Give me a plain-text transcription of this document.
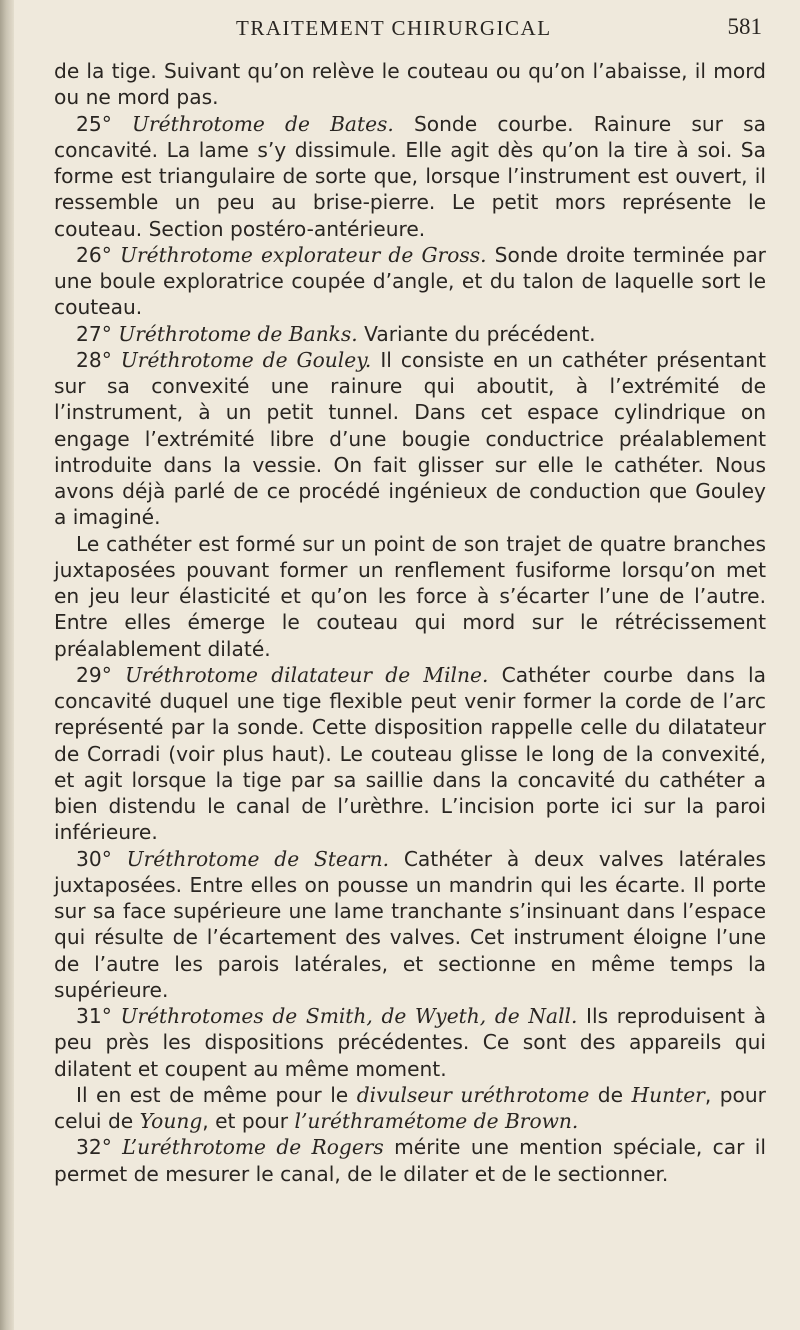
TRAITEMENT CHIRURGICAL	581

de la tige. Suivant qu’on relève le couteau ou qu’on l’abaisse, il mord ou ne mord pas.

25° Uréthrotome de Bates. Sonde courbe. Rainure sur sa concavité. La lame s’y dissimule. Elle agit dès qu’on la tire à soi. Sa forme est triangulaire de sorte que, lorsque l’instrument est ouvert, il ressemble un peu au brise-pierre. Le petit mors représente le couteau. Section postéro-antérieure.

26° Uréthrotome explorateur de Gross. Sonde droite terminée par une boule exploratrice coupée d’angle, et du talon de laquelle sort le couteau.

27° Uréthrotome de Banks. Variante du précédent.

28° Uréthrotome de Gouley. Il consiste en un cathéter présentant sur sa convexité une rainure qui aboutit, à l’extrémité de l’instrument, à un petit tunnel. Dans cet espace cylindrique on engage l’extrémité libre d’une bougie conductrice préalablement introduite dans la vessie. On fait glisser sur elle le cathéter. Nous avons déjà parlé de ce procédé ingénieux de conduction que Gouley a imaginé.

Le cathéter est formé sur un point de son trajet de quatre branches juxtaposées pouvant former un renflement fusiforme lorsqu’on met en jeu leur élasticité et qu’on les force à s’écarter l’une de l’autre. Entre elles émerge le couteau qui mord sur le rétrécissement préalablement dilaté.

29° Uréthrotome dilatateur de Milne. Cathéter courbe dans la concavité duquel une tige flexible peut venir former la corde de l’arc représenté par la sonde. Cette disposition rappelle celle du dilatateur de Corradi (voir plus haut). Le couteau glisse le long de la convexité, et agit lorsque la tige par sa saillie dans la concavité du cathéter a bien distendu le canal de l’urèthre. L’incision porte ici sur la paroi inférieure.

30° Uréthrotome de Stearn. Cathéter à deux valves latérales juxtaposées. Entre elles on pousse un mandrin qui les écarte. Il porte sur sa face supérieure une lame tranchante s’insinuant dans l’espace qui résulte de l’écartement des valves. Cet instrument éloigne l’une de l’autre les parois latérales, et sectionne en même temps la supérieure.

31° Uréthrotomes de Smith, de Wyeth, de Nall. Ils reproduisent à peu près les dispositions précédentes. Ce sont des appareils qui dilatent et coupent au même moment.

Il en est de même pour le divulseur uréthrotome de Hunter, pour celui de Young, et pour l’uréthramétome de Brown.

32° L’uréthrotome de Rogers mérite une mention spéciale, car il permet de mesurer le canal, de le dilater et de le sectionner.
